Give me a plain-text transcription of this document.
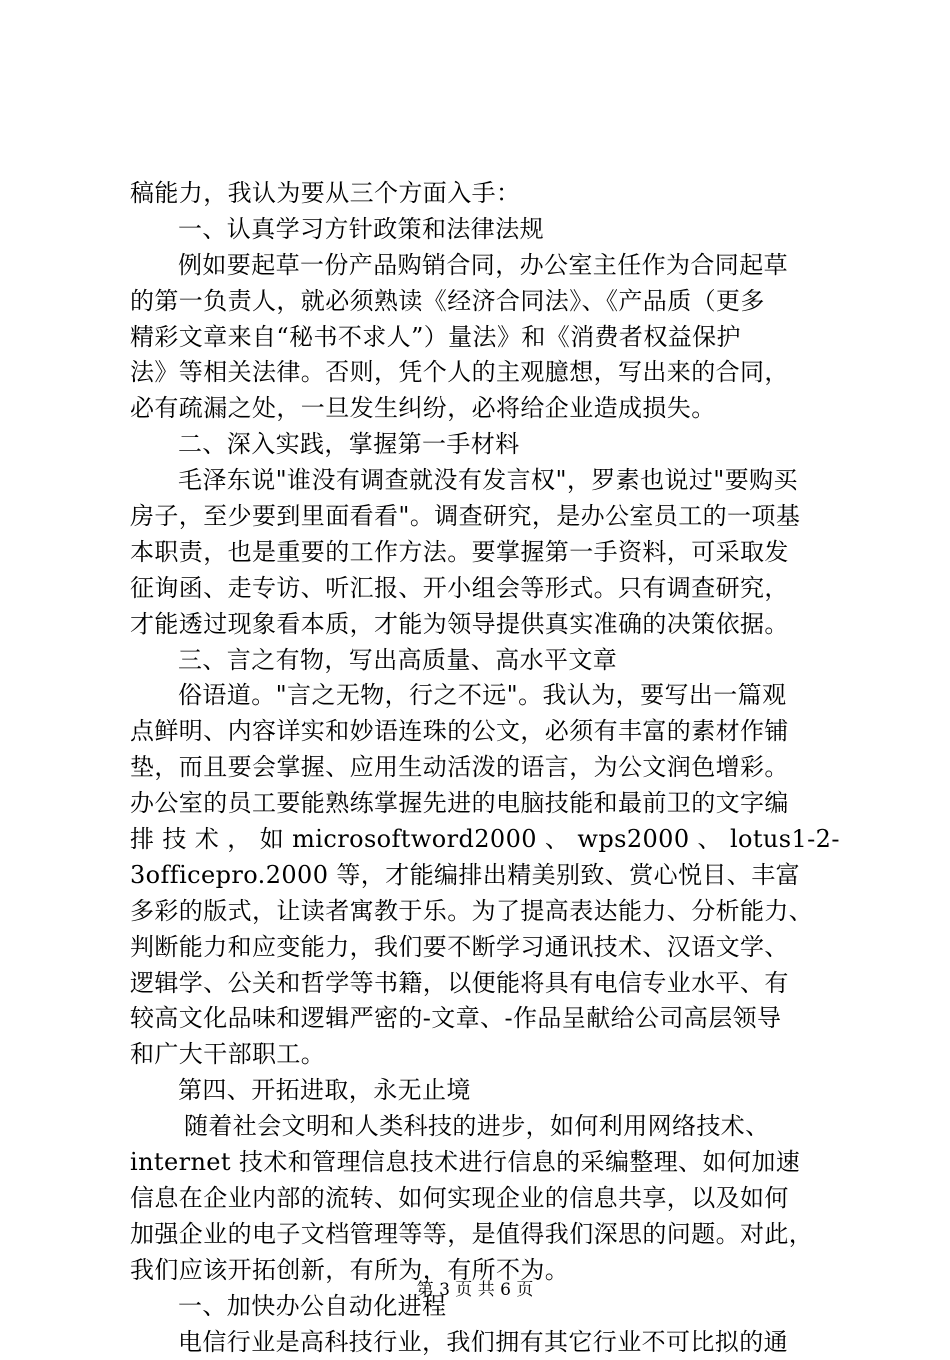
稿能力，我认为要从三个方面入手：
一、认真学习方针政策和法律法规
例如要起草一份产品购销合同，办公室主任作为合同起草
的第一负责人，就必须熟读《经济合同法》、《产品质（更多
精彩文章来自“秘书不求人”）量法》和《消费者权益保护
法》等相关法律。否则，凭个人的主观臆想，写出来的合同，
必有疏漏之处，一旦发生纠纷，必将给企业造成损失。
二、深入实践，掌握第一手材料
毛泽东说"谁没有调查就没有发言权"，罗素也说过"要购买
房子，至少要到里面看看"。调查研究，是办公室员工的一项基
本职责，也是重要的工作方法。要掌握第一手资料，可采取发
征询函、走专访、听汇报、开小组会等形式。只有调查研究，
才能透过现象看本质，才能为领导提供真实准确的决策依据。
三、言之有物，写出高质量、高水平文章
俗语道。"言之无物，行之不远"。我认为，要写出一篇观
点鲜明、内容详实和妙语连珠的公文，必须有丰富的素材作铺
垫，而且要会掌握、应用生动活泼的语言，为公文润色增彩。
办公室的员工要能熟练掌握先进的电脑技能和最前卫的文字编
排 技 术 ， 如 microsoftword2000 、 wps2000 、 lotus1-2-
3officepro.2000 等，才能编排出精美别致、赏心悦目、丰富
多彩的版式，让读者寓教于乐。为了提高表达能力、分析能力、
判断能力和应变能力，我们要不断学习通讯技术、汉语文学、
逻辑学、公关和哲学等书籍，以便能将具有电信专业水平、有
较高文化品味和逻辑严密的-文章、-作品呈献给公司高层领导
和广大干部职工。
第四、开拓进取，永无止境
随着社会文明和人类科技的进步，如何利用网络技术、
internet 技术和管理信息技术进行信息的采编整理、如何加速
信息在企业内部的流转、如何实现企业的信息共享，以及如何
加强企业的电子文档管理等等，是值得我们深思的问题。对此，
我们应该开拓创新，有所为，有所不为。
一、加快办公自动化进程
电信行业是高科技行业，我们拥有其它行业不可比拟的通
第 3 页 共 6 页
